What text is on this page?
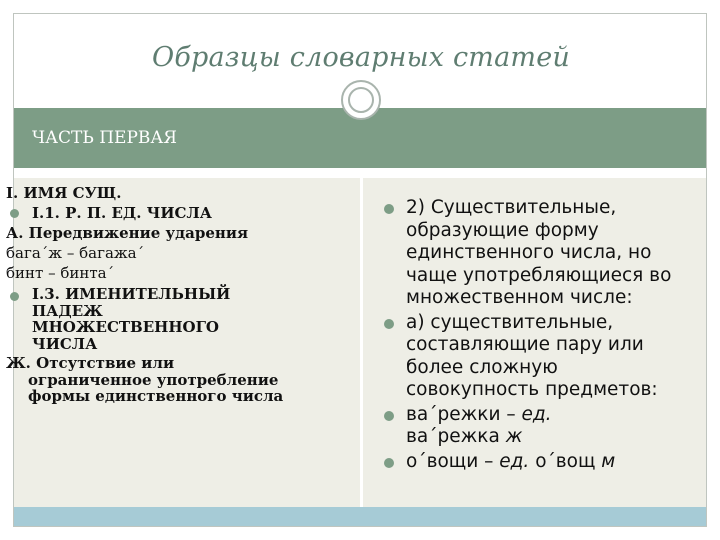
Образцы словарных статей
ЧАСТЬ ПЕРВАЯ
I. ИМЯ СУЩ.
I.1. Р. П. ЕД. ЧИСЛА
А. Передвижение ударения
бага´ж – багажа´
бинт – бинта´
I.3. ИМЕНИТЕЛЬНЫЙ ПАДЕЖ МНОЖЕСТВЕННОГО ЧИСЛА
Ж. Отсутствие или ограниченное употребление формы единственного числа
2) Существительные, образующие форму единственного числа, но чаще употребляющиеся во множественном числе:
а) существительные, составляющие пару или более сложную совокупность предметов:
ва´режки – ед.
ва´режка ж
о´вощи – ед. о´вощ м
